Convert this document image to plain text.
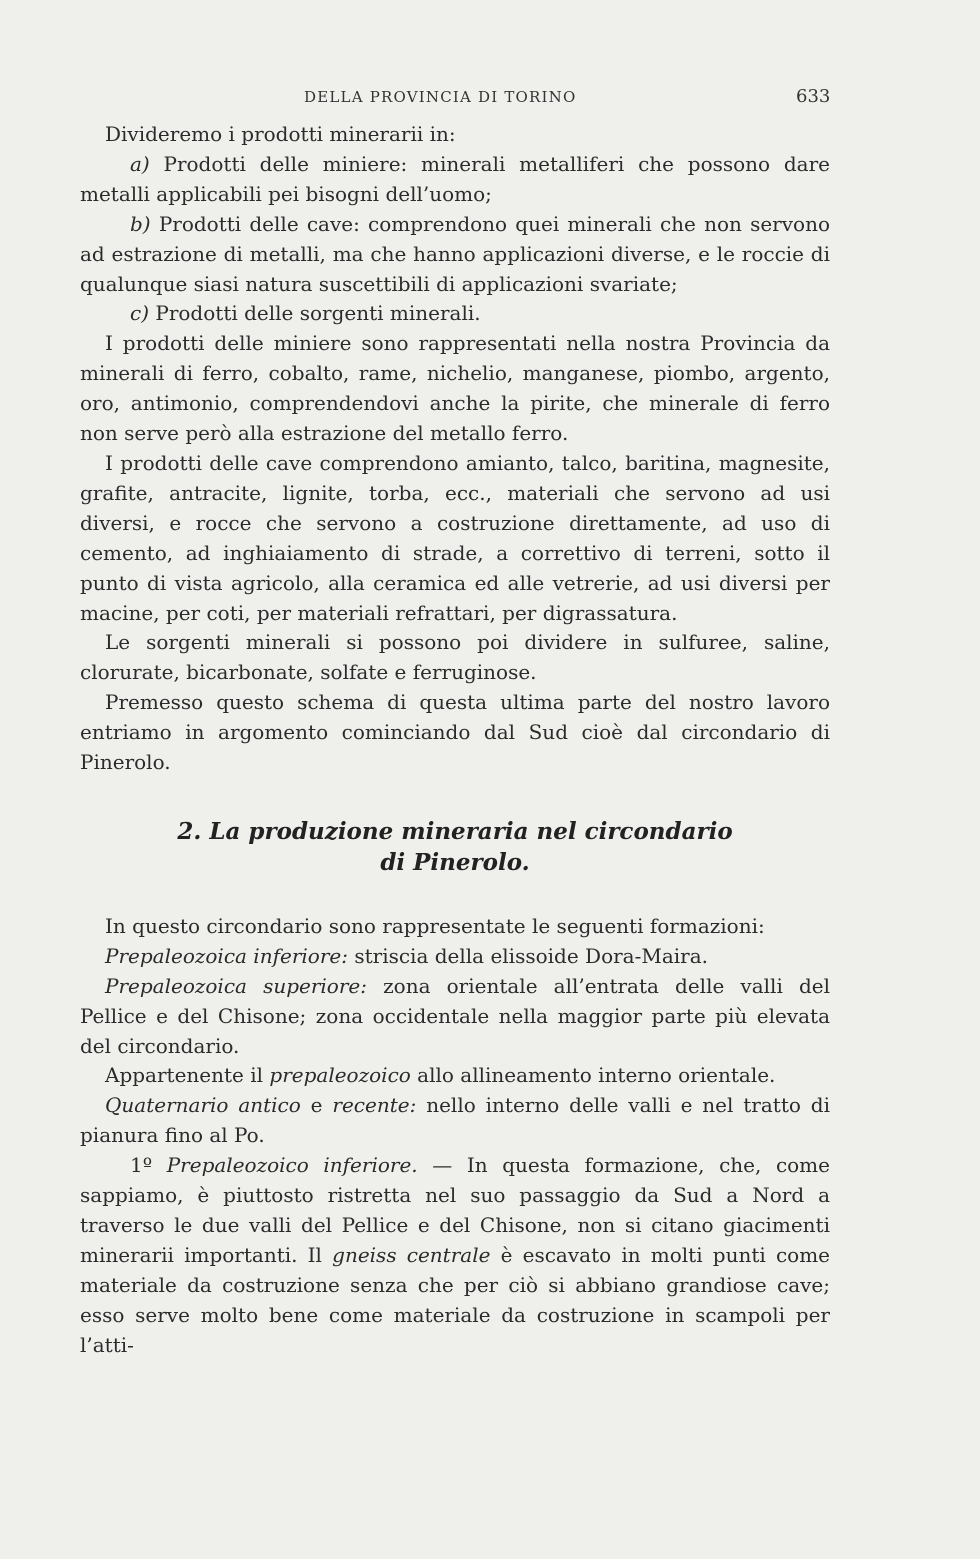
DELLA PROVINCIA DI TORINO	633

Divideremo i prodotti minerarii in:

a) Prodotti delle miniere: minerali metalliferi che possono dare metalli applicabili pei bisogni dell’uomo;

b) Prodotti delle cave: comprendono quei minerali che non servono ad estrazione di metalli, ma che hanno applicazioni diverse, e le roccie di qualunque siasi natura suscettibili di applicazioni svariate;

c) Prodotti delle sorgenti minerali.

I prodotti delle miniere sono rappresentati nella nostra Provincia da minerali di ferro, cobalto, rame, nichelio, manganese, piombo, argento, oro, antimonio, comprendendovi anche la pirite, che minerale di ferro non serve però alla estrazione del metallo ferro.

I prodotti delle cave comprendono amianto, talco, baritina, magnesite, grafite, antracite, lignite, torba, ecc., materiali che servono ad usi diversi, e rocce che servono a costruzione direttamente, ad uso di cemento, ad inghiaiamento di strade, a correttivo di terreni, sotto il punto di vista agricolo, alla ceramica ed alle vetrerie, ad usi diversi per macine, per coti, per materiali refrattari, per digrassatura.

Le sorgenti minerali si possono poi dividere in sulfuree, saline, clorurate, bicarbonate, solfate e ferruginose.

Premesso questo schema di questa ultima parte del nostro lavoro entriamo in argomento cominciando dal Sud cioè dal circondario di Pinerolo.

2. La produzione mineraria nel circondario
di Pinerolo.

In questo circondario sono rappresentate le seguenti formazioni:

Prepaleozoica inferiore: striscia della elissoide Dora-Maira.

Prepaleozoica superiore: zona orientale all’entrata delle valli del Pellice e del Chisone; zona occidentale nella maggior parte più elevata del circondario.

Appartenente il prepaleozoico allo allineamento interno orientale.

Quaternario antico e recente: nello interno delle valli e nel tratto di pianura fino al Po.

1º Prepaleozoico inferiore. — In questa formazione, che, come sappiamo, è piuttosto ristretta nel suo passaggio da Sud a Nord a traverso le due valli del Pellice e del Chisone, non si citano giacimenti minerarii importanti. Il gneiss centrale è escavato in molti punti come materiale da costruzione senza che per ciò si abbiano grandiose cave; esso serve molto bene come materiale da costruzione in scampoli per l’atti-
